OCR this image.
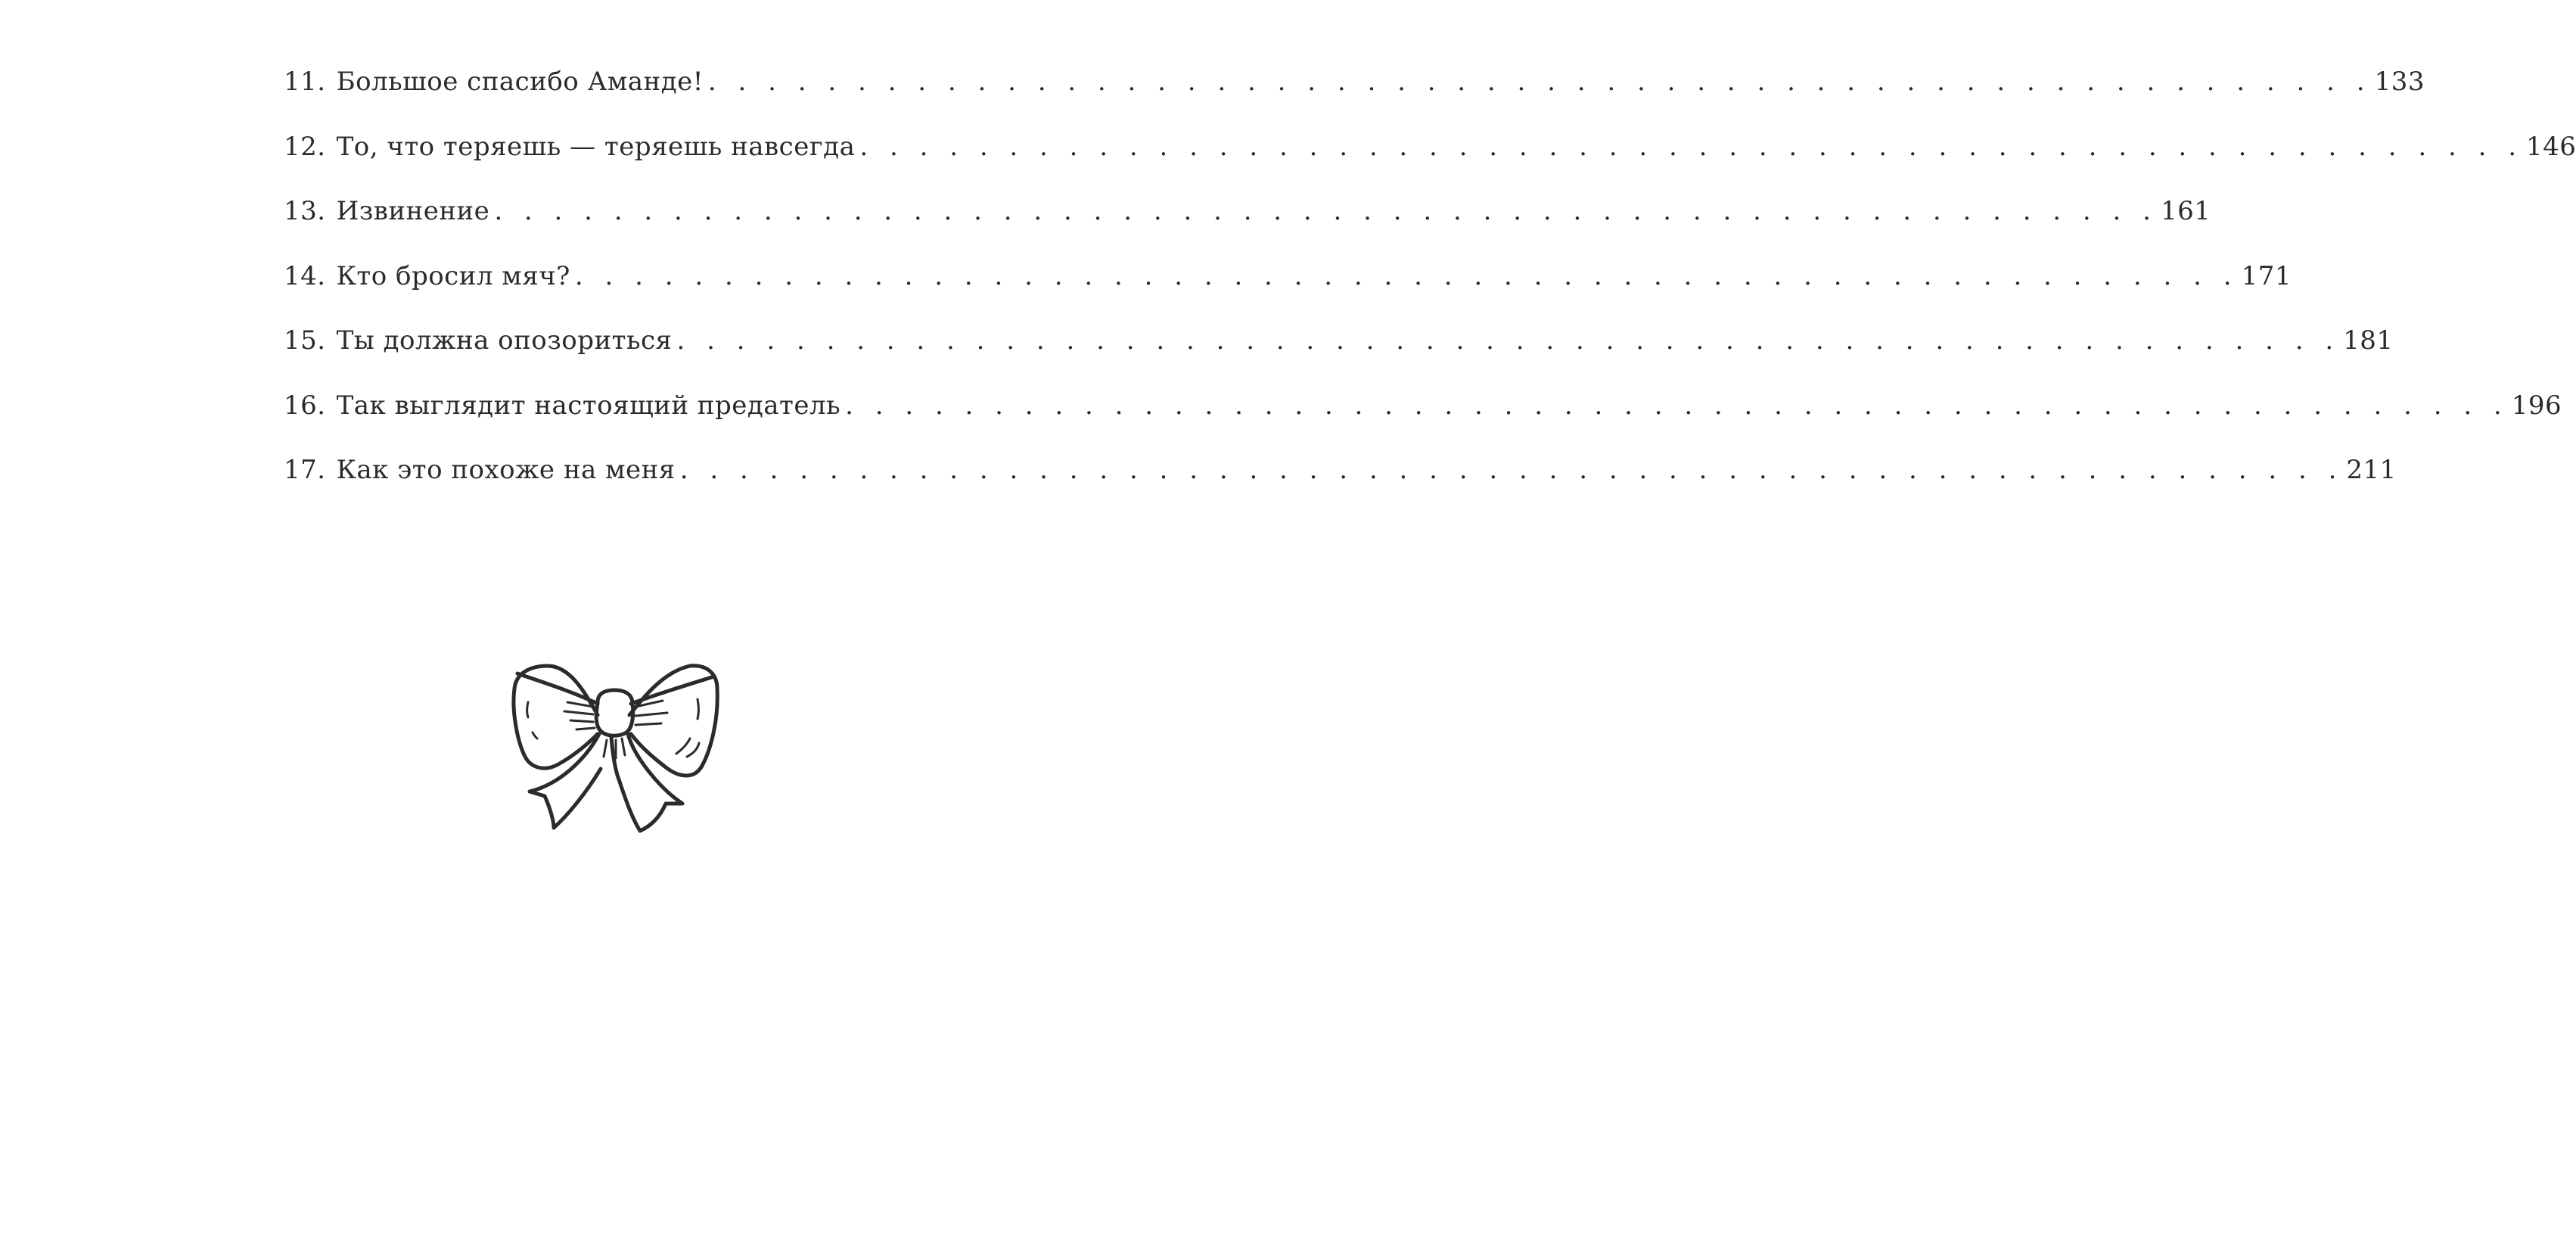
11. Большое спасибо Аманде! . . . . . . . . . . . . . . . . . . . . . . . . . . . . . . . . . . . . . . . . . . . . . . . . . . . . . . . . 133
12. То, что теряешь — теряешь навсегда . . . . . . . . . . . . . . . . . . . . . . . . . . . . . . . . . . . . . . . . . . . . . . . . . . . . . . . . 146
13. Извинение . . . . . . . . . . . . . . . . . . . . . . . . . . . . . . . . . . . . . . . . . . . . . . . . . . . . . . . . 161
14. Кто бросил мяч? . . . . . . . . . . . . . . . . . . . . . . . . . . . . . . . . . . . . . . . . . . . . . . . . . . . . . . . . 171
15. Ты должна опозориться . . . . . . . . . . . . . . . . . . . . . . . . . . . . . . . . . . . . . . . . . . . . . . . . . . . . . . . . 181
16. Так выглядит настоящий предатель . . . . . . . . . . . . . . . . . . . . . . . . . . . . . . . . . . . . . . . . . . . . . . . . . . . . . . . . 196
17. Как это похоже на меня . . . . . . . . . . . . . . . . . . . . . . . . . . . . . . . . . . . . . . . . . . . . . . . . . . . . . . . . 211
